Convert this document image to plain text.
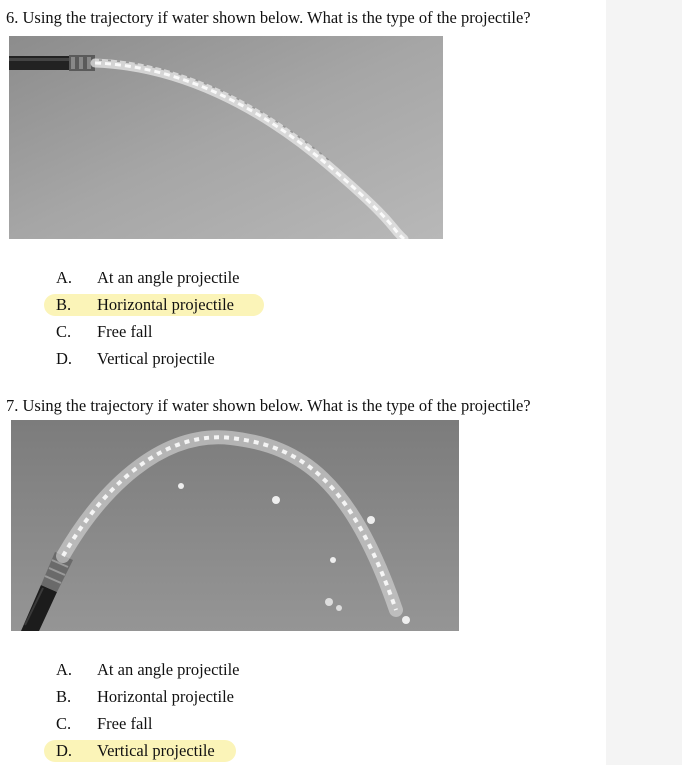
6. Using the trajectory if water shown below. What is the type of the projectile?
A. At an angle projectile
B. Horizontal projectile
C. Free fall
D. Vertical projectile
7. Using the trajectory if water shown below. What is the type of the projectile?
A. At an angle projectile
B. Horizontal projectile
C. Free fall
D. Vertical projectile
